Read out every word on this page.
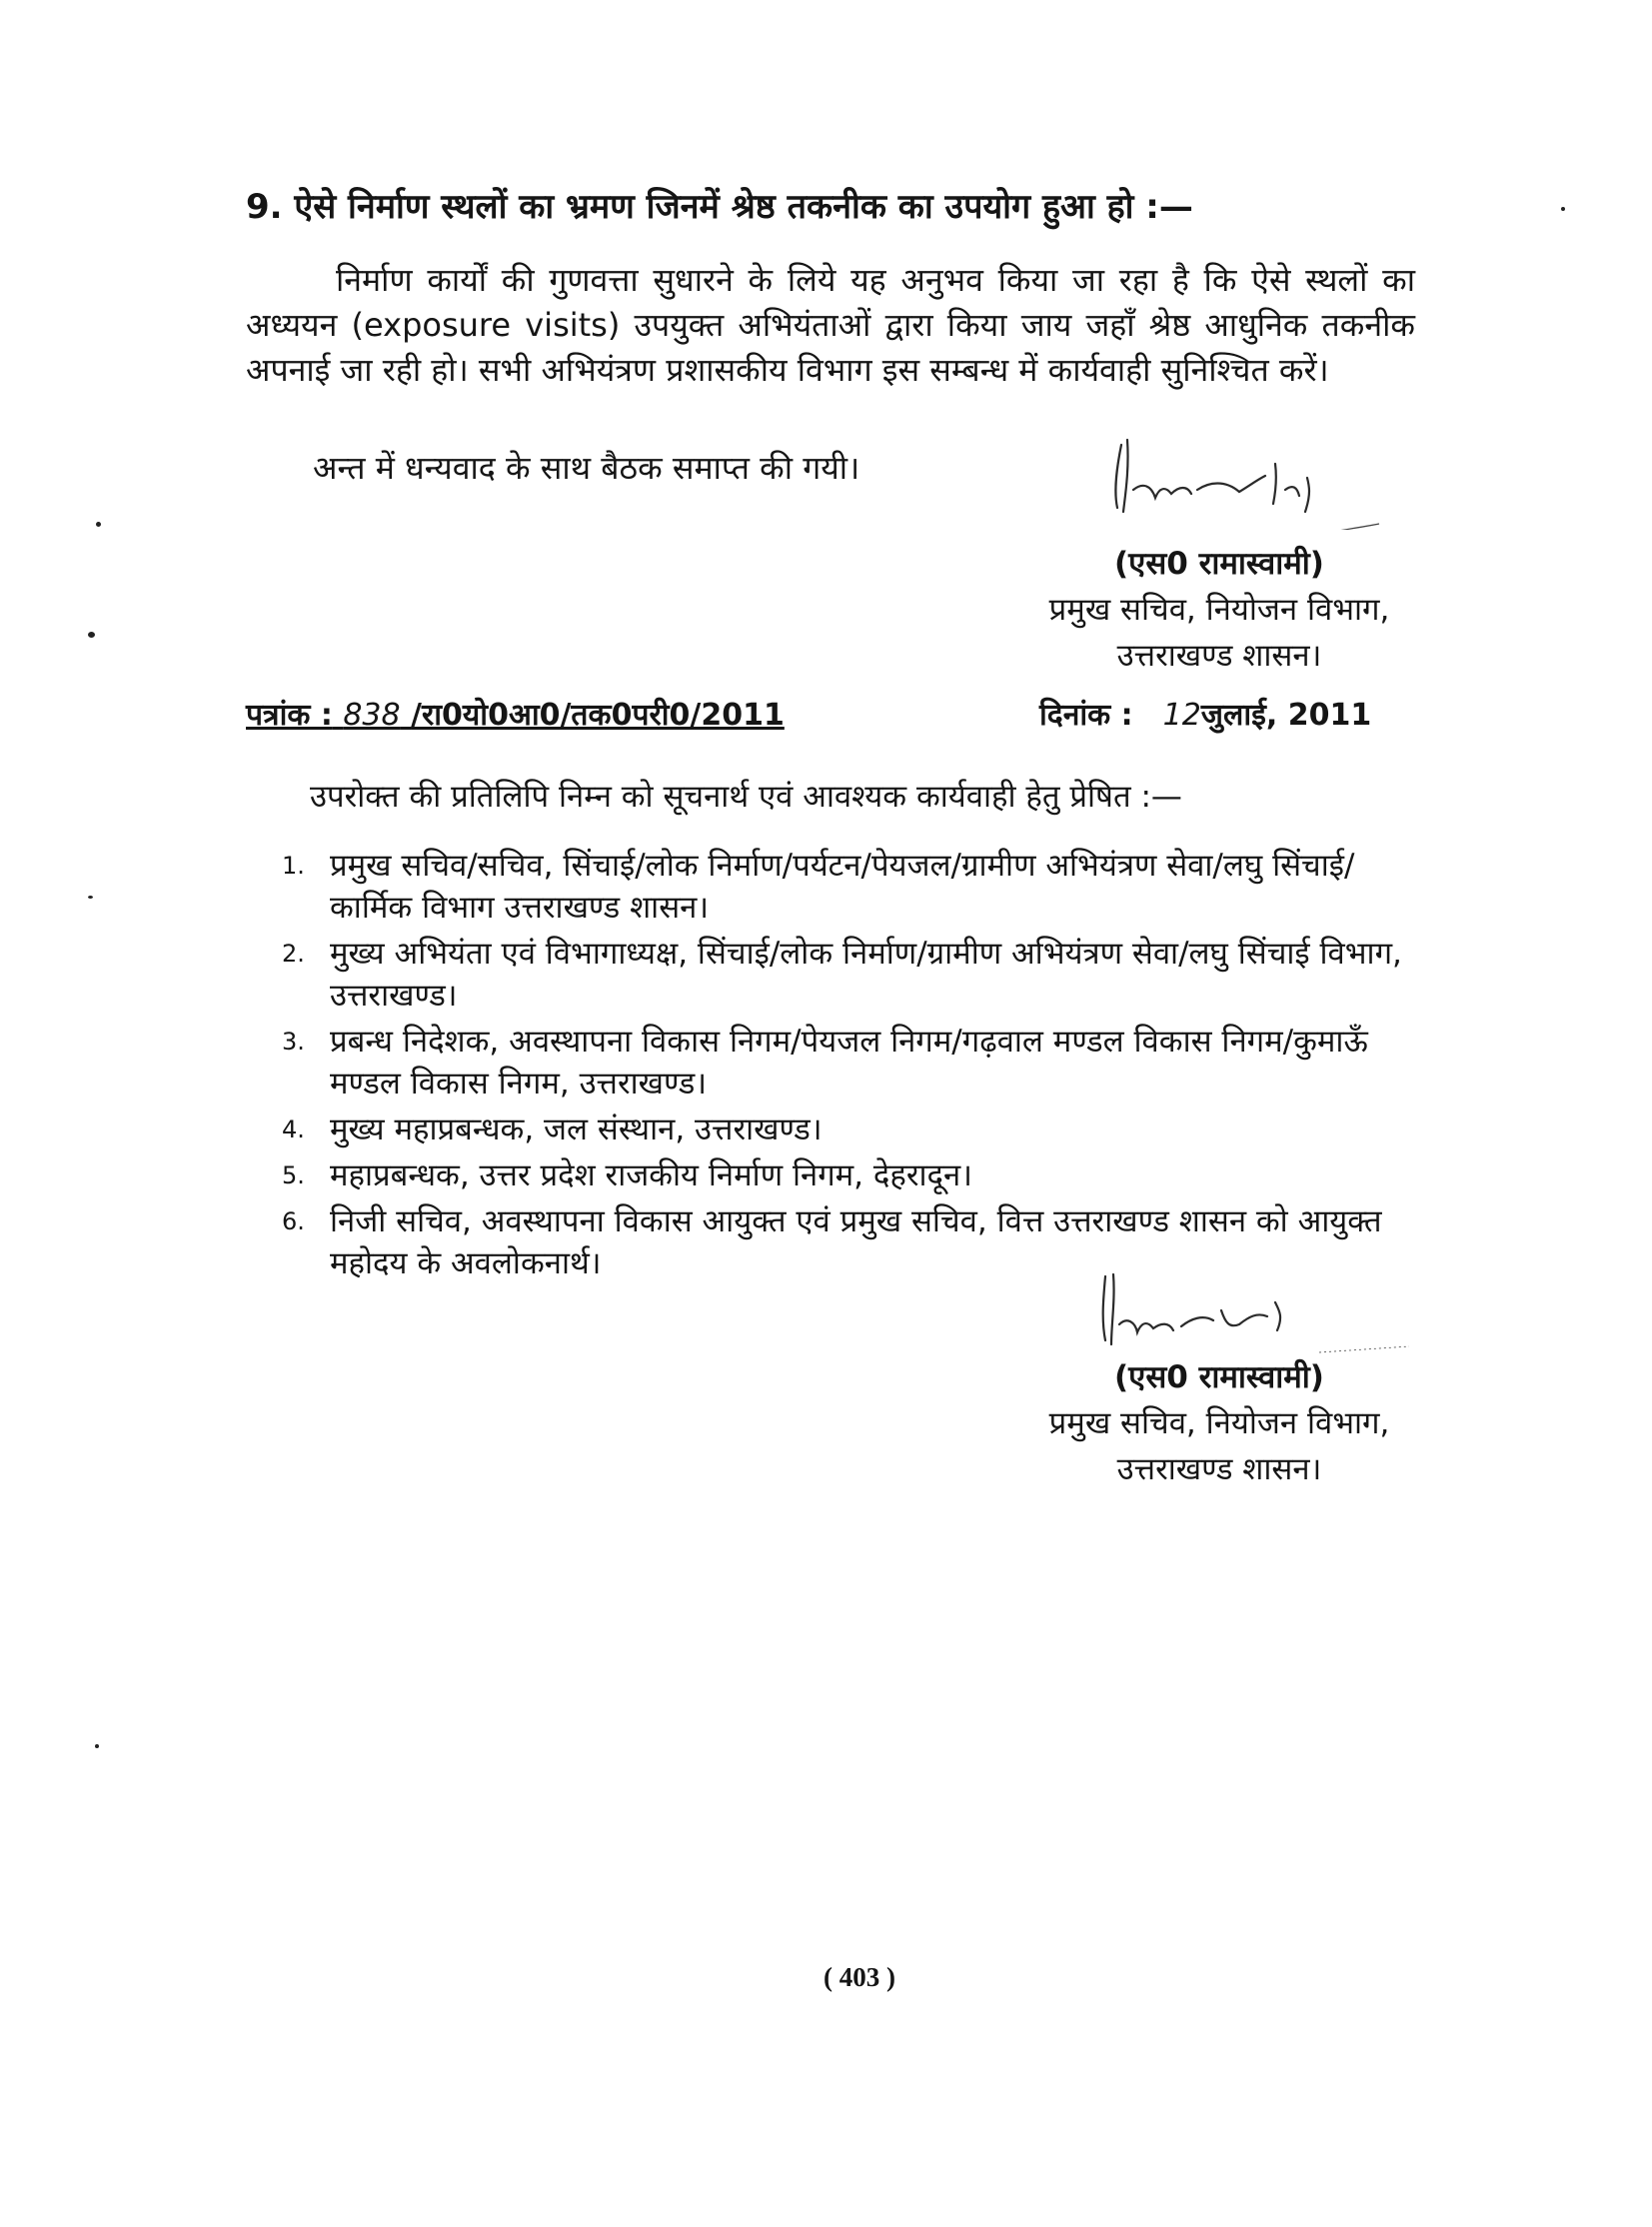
9. ऐसे निर्माण स्थलों का भ्रमण जिनमें श्रेष्ठ तकनीक का उपयोग हुआ हो :—
निर्माण कार्यों की गुणवत्ता सुधारने के लिये यह अनुभव किया जा रहा है कि ऐसे स्थलों का अध्ययन (exposure visits) उपयुक्त अभियंताओं द्वारा किया जाय जहाँ श्रेष्ठ आधुनिक तकनीक अपनाई जा रही हो। सभी अभियंत्रण प्रशासकीय विभाग इस सम्बन्ध में कार्यवाही सुनिश्चित करें।
अन्त में धन्यवाद के साथ बैठक समाप्त की गयी।
(एस0 रामास्वामी)
प्रमुख सचिव, नियोजन विभाग,
उत्तराखण्ड शासन।
पत्रांक : 838 /रा0यो0आ0/तक0परी0/2011	दिनांक : 12जुलाई, 2011
उपरोक्त की प्रतिलिपि निम्न को सूचनार्थ एवं आवश्यक कार्यवाही हेतु प्रेषित :—
1. प्रमुख सचिव/सचिव, सिंचाई/लोक निर्माण/पर्यटन/पेयजल/ग्रामीण अभियंत्रण सेवा/लघु सिंचाई/कार्मिक विभाग उत्तराखण्ड शासन।
2. मुख्य अभियंता एवं विभागाध्यक्ष, सिंचाई/लोक निर्माण/ग्रामीण अभियंत्रण सेवा/लघु सिंचाई विभाग, उत्तराखण्ड।
3. प्रबन्ध निदेशक, अवस्थापना विकास निगम/पेयजल निगम/गढ़वाल मण्डल विकास निगम/कुमाऊँ मण्डल विकास निगम, उत्तराखण्ड।
4. मुख्य महाप्रबन्धक, जल संस्थान, उत्तराखण्ड।
5. महाप्रबन्धक, उत्तर प्रदेश राजकीय निर्माण निगम, देहरादून।
6. निजी सचिव, अवस्थापना विकास आयुक्त एवं प्रमुख सचिव, वित्त उत्तराखण्ड शासन को आयुक्त महोदय के अवलोकनार्थ।
(एस0 रामास्वामी)
प्रमुख सचिव, नियोजन विभाग,
उत्तराखण्ड शासन।
( 403 )
